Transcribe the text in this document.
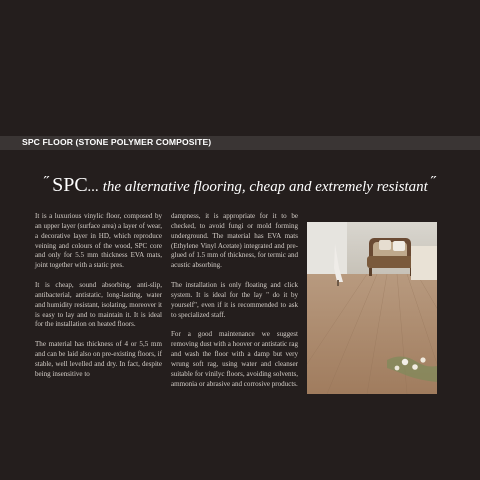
SPC FLOOR (STONE POLYMER COMPOSITE)
˝ SPC... the alternative flooring, cheap and extremely resistant ˝

It is a luxurious vinylic floor, composed by an upper layer (surface area) a layer of wear, a decorative layer in HD, which reproduce veining and colours of the wood, SPC core and only for 5.5 mm thickness EVA mats, joint together with a static pres.

It is cheap, sound absorbing, anti-slip, antibacterial, antistatic, long-lasting, water and humidity resistant, isolating, moreover it is easy to lay and to maintain it. It is ideal for the installation on heated floors.

The material has thickness of 4 or 5,5 mm and can be laid also on pre-existing floors, if stable, well levelled and dry. In fact, despite being insensitive to

dampness, it is appropriate for it to be checked, to avoid fungi or mold forming underground. The material has EVA mats (Ethylene Vinyl Acetate) integrated and pre-glued of 1.5 mm of thickness, for termic and acustic absorbing.

The installation is only floating and click system. It is ideal for the lay " do it by yourself", even if it is recommended to ask to specialized staff.

For a good maintenance we suggest removing dust with a hoover or antistatic rag and wash the floor with a damp but very wrung soft rag, using water and cleanser suitable for vinilyc floors, avoiding solvents, ammonia or abrasive and corrosive products.
